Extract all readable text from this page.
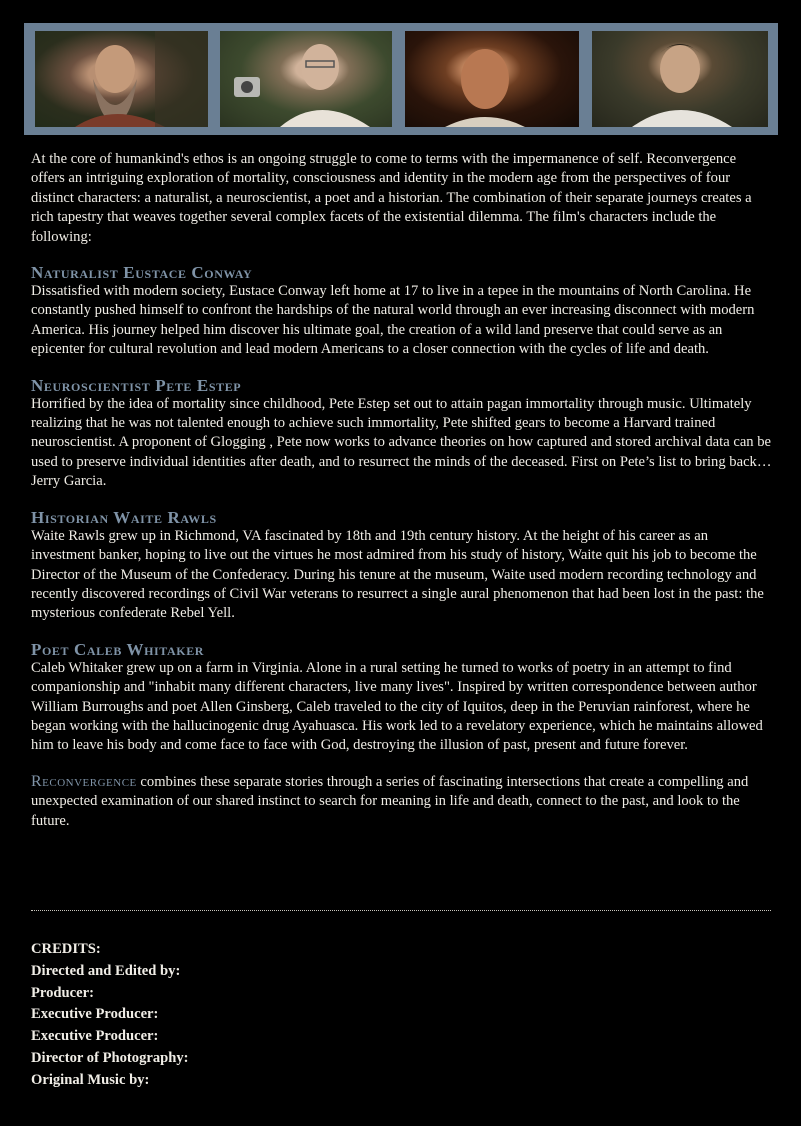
At the core of humankind's ethos is an ongoing struggle to come to terms with the impermanence of self. Reconvergence offers an intriguing exploration of mortality, consciousness and identity in the modern age from the perspectives of four distinct characters: a naturalist, a neuroscientist, a poet and a historian. The combination of their separate journeys creates a rich tapestry that weaves together several complex facets of the existential dilemma. The film's characters include the following:

Naturalist Eustace Conway

Dissatisfied with modern society, Eustace Conway left home at 17 to live in a tepee in the mountains of North Carolina. He constantly pushed himself to confront the hardships of the natural world through an ever increasing disconnect with modern America. His journey helped him discover his ultimate goal, the creation of a wild land preserve that could serve as an epicenter for cultural revolution and lead modern Americans to a closer connection with the cycles of life and death.

Neuroscientist Pete Estep

Horrified by the idea of mortality since childhood, Pete Estep set out to attain pagan immortality through music. Ultimately realizing that he was not talented enough to achieve such immortality, Pete shifted gears to become a Harvard trained neuroscientist. A proponent of Glogging , Pete now works to advance theories on how captured and stored archival data can be used to preserve individual identities after death, and to resurrect the minds of the deceased. First on Pete’s list to bring back…Jerry Garcia.

Historian Waite Rawls

Waite Rawls grew up in Richmond, VA fascinated by 18th and 19th century history. At the height of his career as an investment banker, hoping to live out the virtues he most admired from his study of history, Waite quit his job to become the Director of the Museum of the Confederacy. During his tenure at the museum, Waite used modern recording technology and recently discovered recordings of Civil War veterans to resurrect a single aural phenomenon that had been lost in the past: the mysterious confederate Rebel Yell.

Poet Caleb Whitaker

Caleb Whitaker grew up on a farm in Virginia. Alone in a rural setting he turned to works of poetry in an attempt to find companionship and "inhabit many different characters, live many lives". Inspired by written correspondence between author William Burroughs and poet Allen Ginsberg, Caleb traveled to the city of Iquitos, deep in the Peruvian rainforest, where he began working with the hallucinogenic drug Ayahuasca. His work led to a revelatory experience, which he maintains allowed him to leave his body and come face to face with God, destroying the illusion of past, present and future forever.

Reconvergence combines these separate stories through a series of fascinating intersections that create a compelling and unexpected examination of our shared instinct to search for meaning in life and death, connect to the past, and look to the future.

CREDITS:
Directed and Edited by:
Producer:
Executive Producer:
Executive Producer:
Director of Photography:
Original Music by:
